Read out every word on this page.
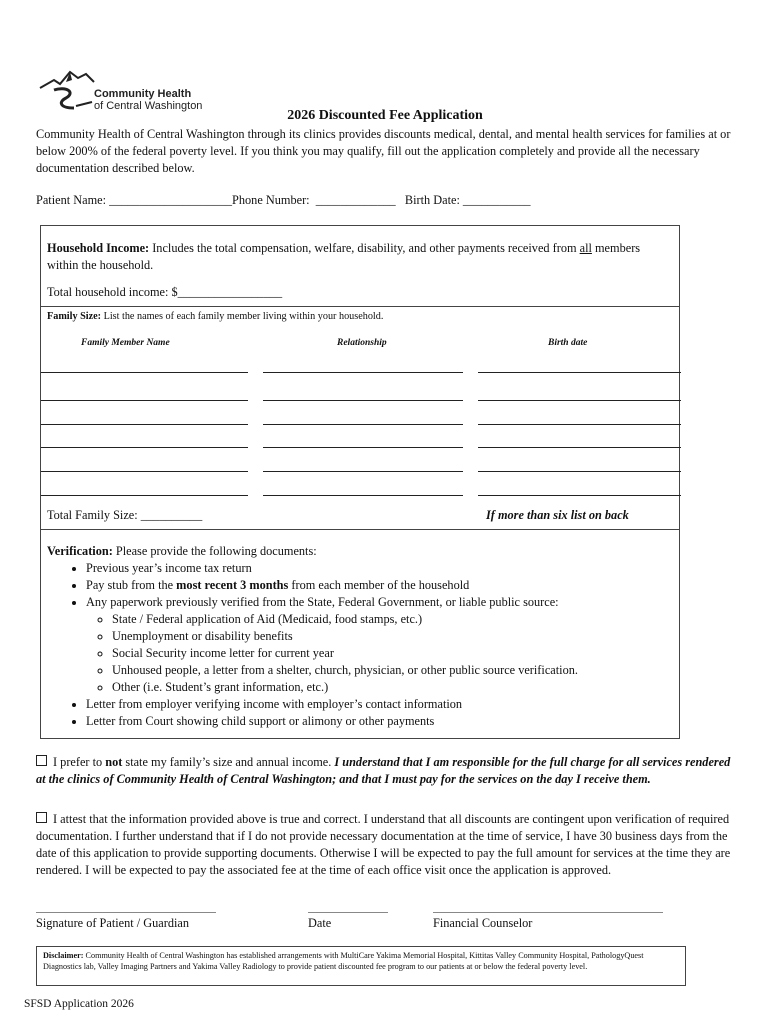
Community Health
of Central Washington
2026 Discounted Fee Application
Community Health of Central Washington through its clinics provides discounts medical, dental, and mental health services for families at or below 200% of the federal poverty level. If you think you may qualify, fill out the application completely and provide all the necessary documentation described below.
Patient Name: ____________________Phone Number:  _____________   Birth Date: ___________
Household Income: Includes the total compensation, welfare, disability, and other payments received from all members within the household.
Total household income: $_________________
Family Size: List the names of each family member living within your household.
Family Member Name	Relationship	Birth date
Total Family Size: __________	If more than six list on back
Verification: Please provide the following documents:
• Previous year’s income tax return
• Pay stub from the most recent 3 months from each member of the household
• Any paperwork previously verified from the State, Federal Government, or liable public source:
◦ State / Federal application of Aid (Medicaid, food stamps, etc.)
◦ Unemployment or disability benefits
◦ Social Security income letter for current year
◦ Unhoused people, a letter from a shelter, church, physician, or other public source verification.
◦ Other (i.e. Student’s grant information, etc.)
• Letter from employer verifying income with employer’s contact information
• Letter from Court showing child support or alimony or other payments
I prefer to not state my family’s size and annual income. I understand that I am responsible for the full charge for all services rendered at the clinics of Community Health of Central Washington; and that I must pay for the services on the day I receive them.
I attest that the information provided above is true and correct. I understand that all discounts are contingent upon verification of required documentation. I further understand that if I do not provide necessary documentation at the time of service, I have 30 business days from the date of this application to provide supporting documents. Otherwise I will be expected to pay the full amount for services at the time they are rendered. I will be expected to pay the associated fee at the time of each office visit once the application is approved.
Signature of Patient / Guardian	Date	Financial Counselor
Disclaimer: Community Health of Central Washington has established arrangements with MultiCare Yakima Memorial Hospital, Kittitas Valley Community Hospital, PathologyQuest Diagnostics lab, Valley Imaging Partners and Yakima Valley Radiology to provide patient discounted fee program to our patients at or below the federal poverty level.
SFSD Application 2026
